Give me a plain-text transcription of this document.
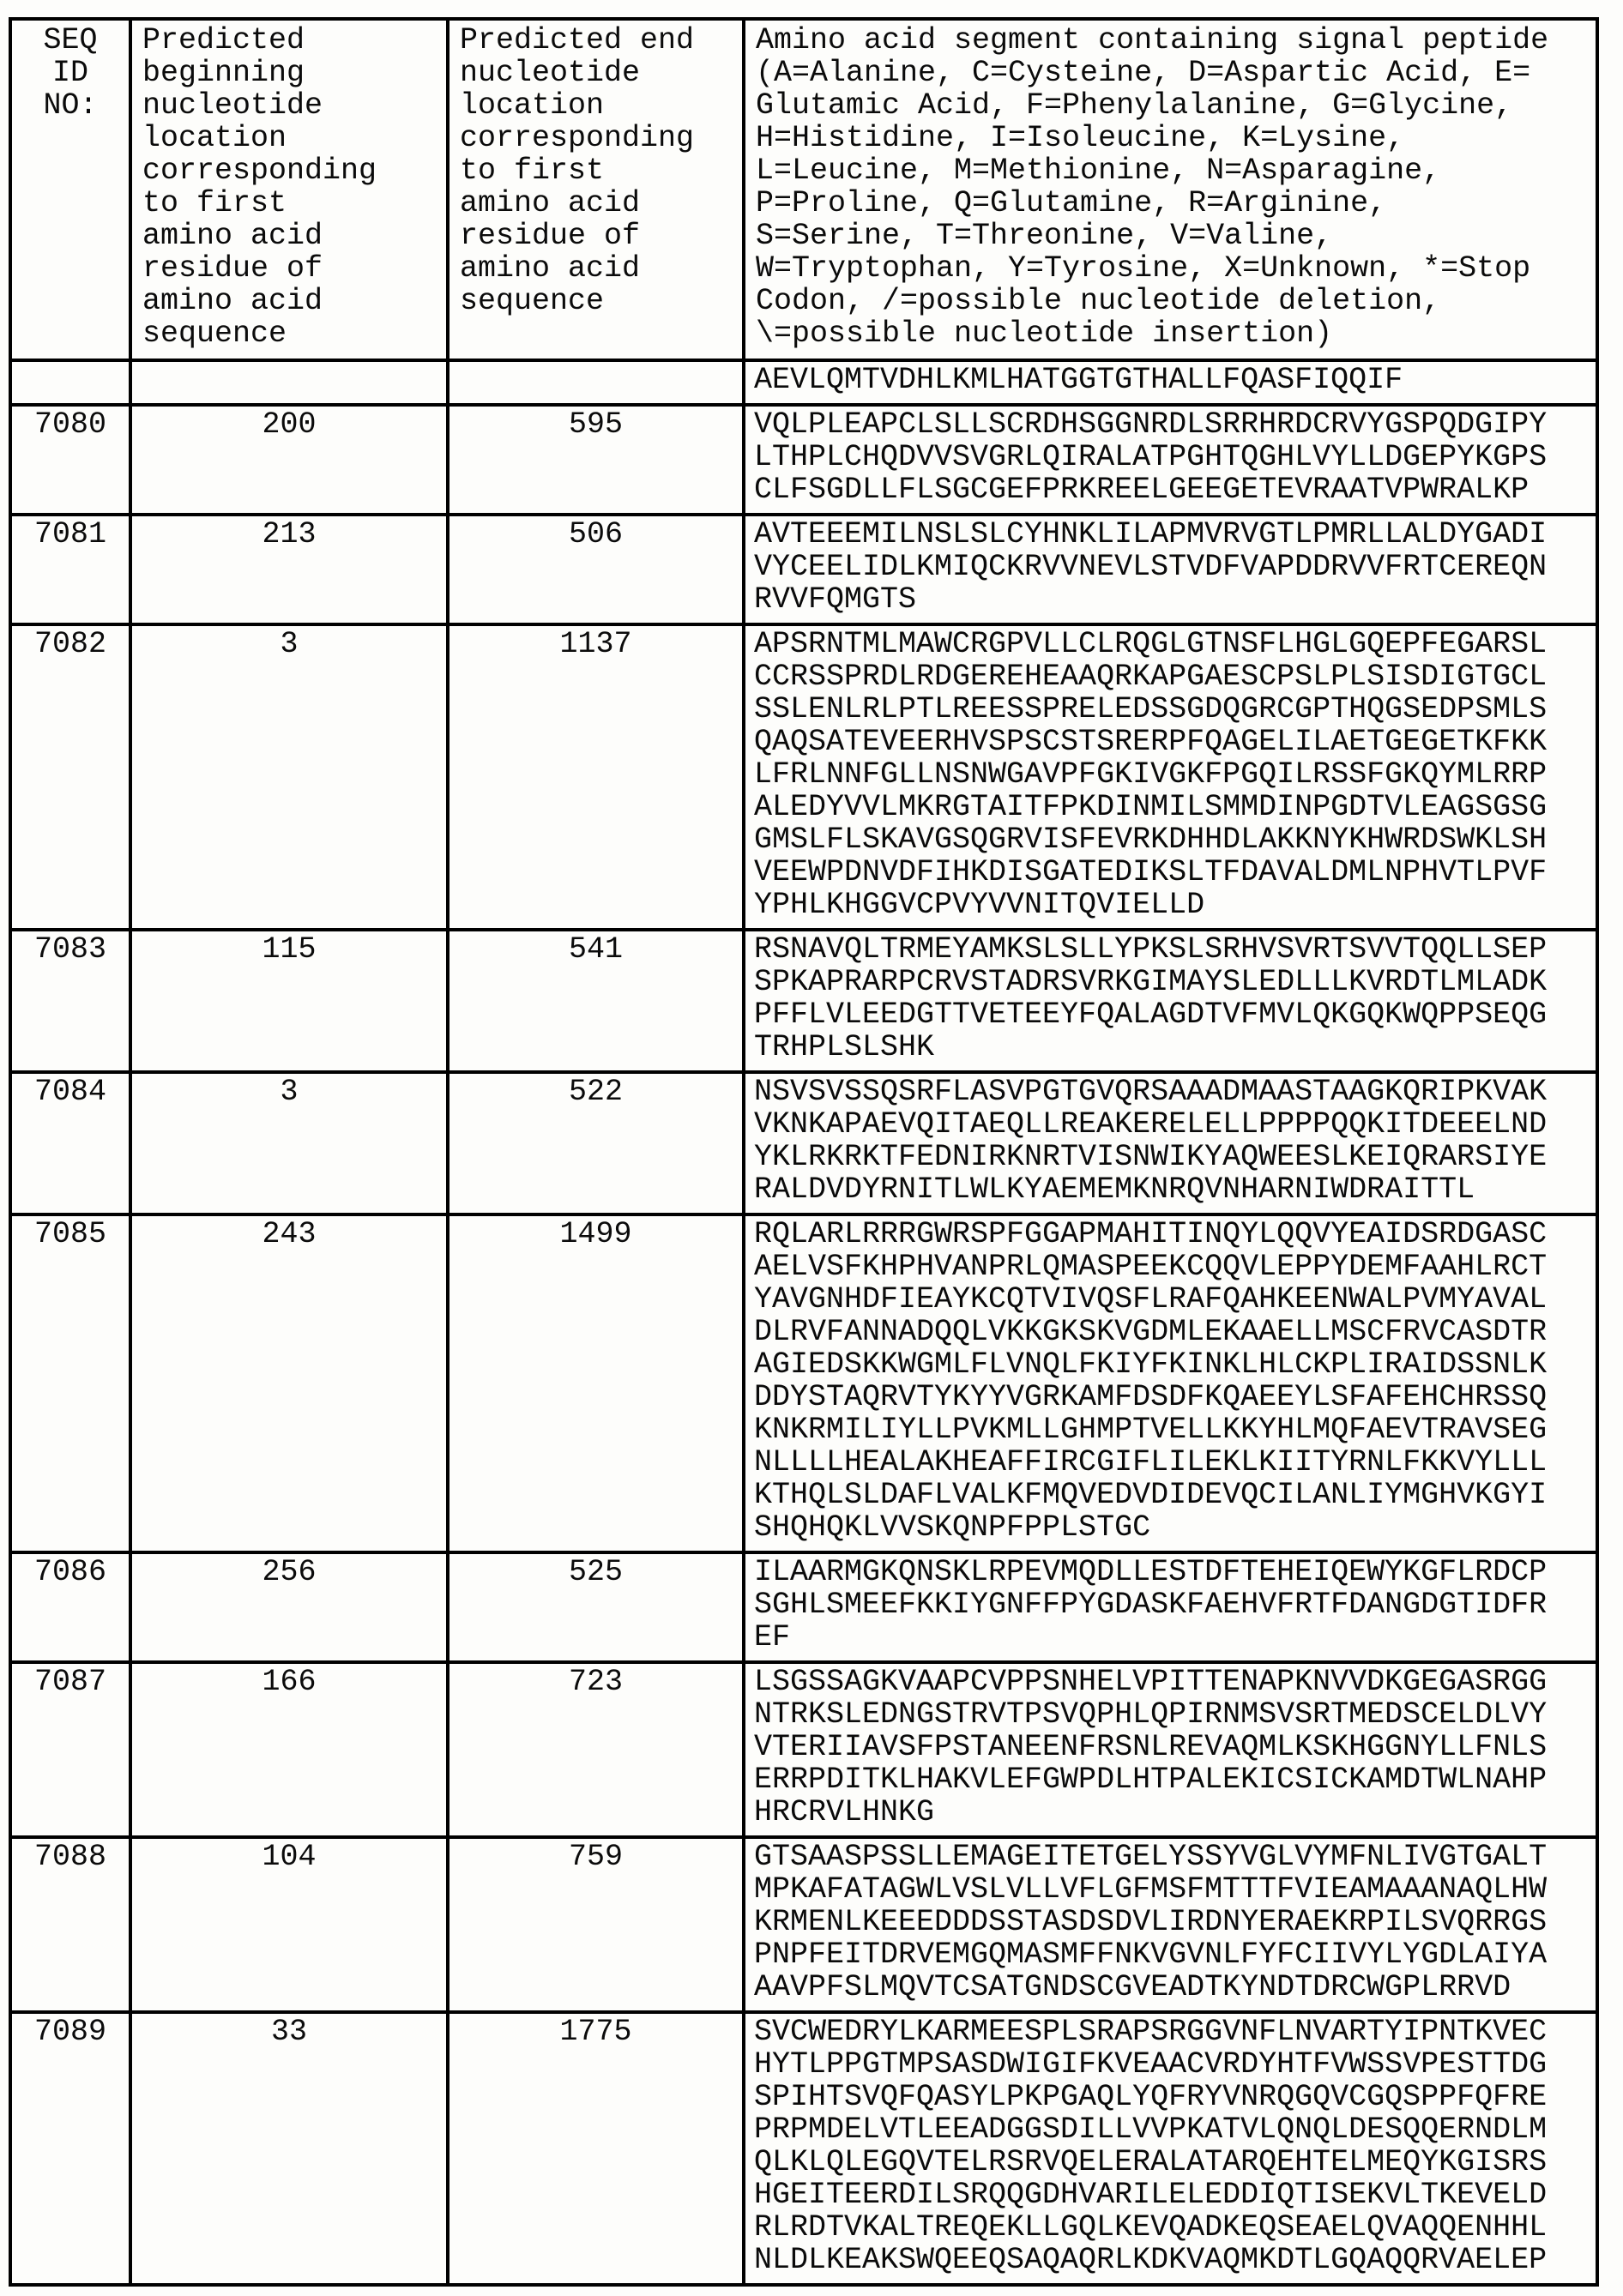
SEQ
ID
NO:	Predicted
beginning
nucleotide
location
corresponding
to first
amino acid
residue of
amino acid
sequence	Predicted end
nucleotide
location
corresponding
to first
amino acid
residue of
amino acid
sequence	Amino acid segment containing signal peptide
(A=Alanine, C=Cysteine, D=Aspartic Acid, E=
Glutamic Acid, F=Phenylalanine, G=Glycine,
H=Histidine, I=Isoleucine, K=Lysine,
L=Leucine, M=Methionine, N=Asparagine,
P=Proline, Q=Glutamine, R=Arginine,
S=Serine, T=Threonine, V=Valine,
W=Tryptophan, Y=Tyrosine, X=Unknown, *=Stop
Codon, /=possible nucleotide deletion,
\=possible nucleotide insertion)
			AEVLQMTVDHLKMLHATGGTGTHALLFQASFIQQIF
7080	200	595	VQLPLEAPCLSLLSCRDHSGGNRDLSRRHRDCRVYGSPQDGIPY
LTHPLCHQDVVSVGRLQIRALATPGHTQGHLVYLLDGEPYKGPS
CLFSGDLLFLSGCGEFPRKREELGEEGETEVRAATVPWRALKP
7081	213	506	AVTEEEMILNSLSLCYHNKLILAPMVRVGTLPMRLLALDYGADI
VYCEELIDLKMIQCKRVVNEVLSTVDFVAPDDRVVFRTCEREQN
RVVFQMGTS
7082	3	1137	APSRNTMLMAWCRGPVLLCLRQGLGTNSFLHGLGQEPFEGARSL
CCRSSPRDLRDGEREHEAAQRKAPGAESCPSLPLSISDIGTGCL
SSLENLRLPTLREESSPRELEDSSGDQGRCGPTHQGSEDPSMLS
QAQSATEVEERHVSPSCSTSRERPFQAGELILAETGEGETKFKK
LFRLNNFGLLNSNWGAVPFGKIVGKFPGQILRSSFGKQYMLRRP
ALEDYVVLMKRGTAITFPKDINMILSMMDINPGDTVLEAGSGSG
GMSLFLSKAVGSQGRVISFEVRKDHHDLAKKNYKHWRDSWKLSH
VEEWPDNVDFIHKDISGATEDIKSLTFDAVALDMLNPHVTLPVF
YPHLKHGGVCPVYVVNITQVIELLD
7083	115	541	RSNAVQLTRMEYAMKSLSLLYPKSLSRHVSVRTSVVTQQLLSEP
SPKAPRARPCRVSTADRSVRKGIMAYSLEDLLLKVRDTLMLADK
PFFLVLEEDGTTVETEEYFQALAGDTVFMVLQKGQKWQPPSEQG
TRHPLSLSHK
7084	3	522	NSVSVSSQSRFLASVPGTGVQRSAAADMAASTAAGKQRIPKVAK
VKNKAPAEVQITAEQLLREAKERELELLPPPPQQKITDEEELND
YKLRKRKTFEDNIRKNRTVISNWIKYAQWEESLKEIQRARSIYE
RALDVDYRNITLWLKYAEMEMKNRQVNHARNIWDRAITTL
7085	243	1499	RQLARLRRRGWRSPFGGAPMAHITINQYLQQVYEAIDSRDGASC
AELVSFKHPHVANPRLQMASPEEKCQQVLEPPYDEMFAAHLRCT
YAVGNHDFIEAYKCQTVIVQSFLRAFQAHKEENWALPVMYAVAL
DLRVFANNADQQLVKKGKSKVGDMLEKAAELLMSCFRVCASDTR
AGIEDSKKWGMLFLVNQLFKIYFKINKLHLCKPLIRAIDSSNLK
DDYSTAQRVTYKYYVGRKAMFDSDFKQAEEYLSFAFEHCHRSSQ
KNKRMILIYLLPVKMLLGHMPTVELLKKYHLMQFAEVTRAVSEG
NLLLLHEALAKHEAFFIRCGIFLILEKLKIITYRNLFKKVYLLL
KTHQLSLDAFLVALKFMQVEDVDIDEVQCILANLIYMGHVKGYI
SHQHQKLVVSKQNPFPPLSTGC
7086	256	525	ILAARMGKQNSKLRPEVMQDLLESTDFTEHEIQEWYKGFLRDCP
SGHLSMEEFKKIYGNFFPYGDASKFAEHVFRTFDANGDGTIDFR
EF
7087	166	723	LSGSSAGKVAAPCVPPSNHELVPITTENAPKNVVDKGEGASRGG
NTRKSLEDNGSTRVTPSVQPHLQPIRNMSVSRTMEDSCELDLVY
VTERIIAVSFPSTANEENFRSNLREVAQMLKSKHGGNYLLFNLS
ERRPDITKLHAKVLEFGWPDLHTPALEKICSICKAMDTWLNAHP
HRCRVLHNKG
7088	104	759	GTSAASPSSLLEMAGEITETGELYSSYVGLVYMFNLIVGTGALT
MPKAFATAGWLVSLVLLVFLGFMSFMTTTFVIEAMAAANAQLHW
KRMENLKEEEDDDSSTASDSDVLIRDNYERAEKRPILSVQRRGS
PNPFEITDRVEMGQMASMFFNKVGVNLFYFCIIVYLYGDLAIYA
AAVPFSLMQVTCSATGNDSCGVEADTKYNDTDRCWGPLRRVD
7089	33	1775	SVCWEDRYLKARMEESPLSRAPSRGGVNFLNVARTYIPNTKVEC
HYTLPPGTMPSASDWIGIFKVEAACVRDYHTFVWSSVPESTTDG
SPIHTSVQFQASYLPKPGAQLYQFRYVNRQGQVCGQSPPFQFRE
PRPMDELVTLEEADGGSDILLVVPKATVLQNQLDESQQERNDLM
QLKLQLEGQVTELRSRVQELERALATARQEHTELMEQYKGISRS
HGEITEERDILSRQQGDHVARILELEDDIQTISEKVLTKEVELD
RLRDTVKALTREQEKLLGQLKEVQADKEQSEAELQVAQQENHHL
NLDLKEAKSWQEEQSAQAQRLKDKVAQMKDTLGQAQQRVAELEP
